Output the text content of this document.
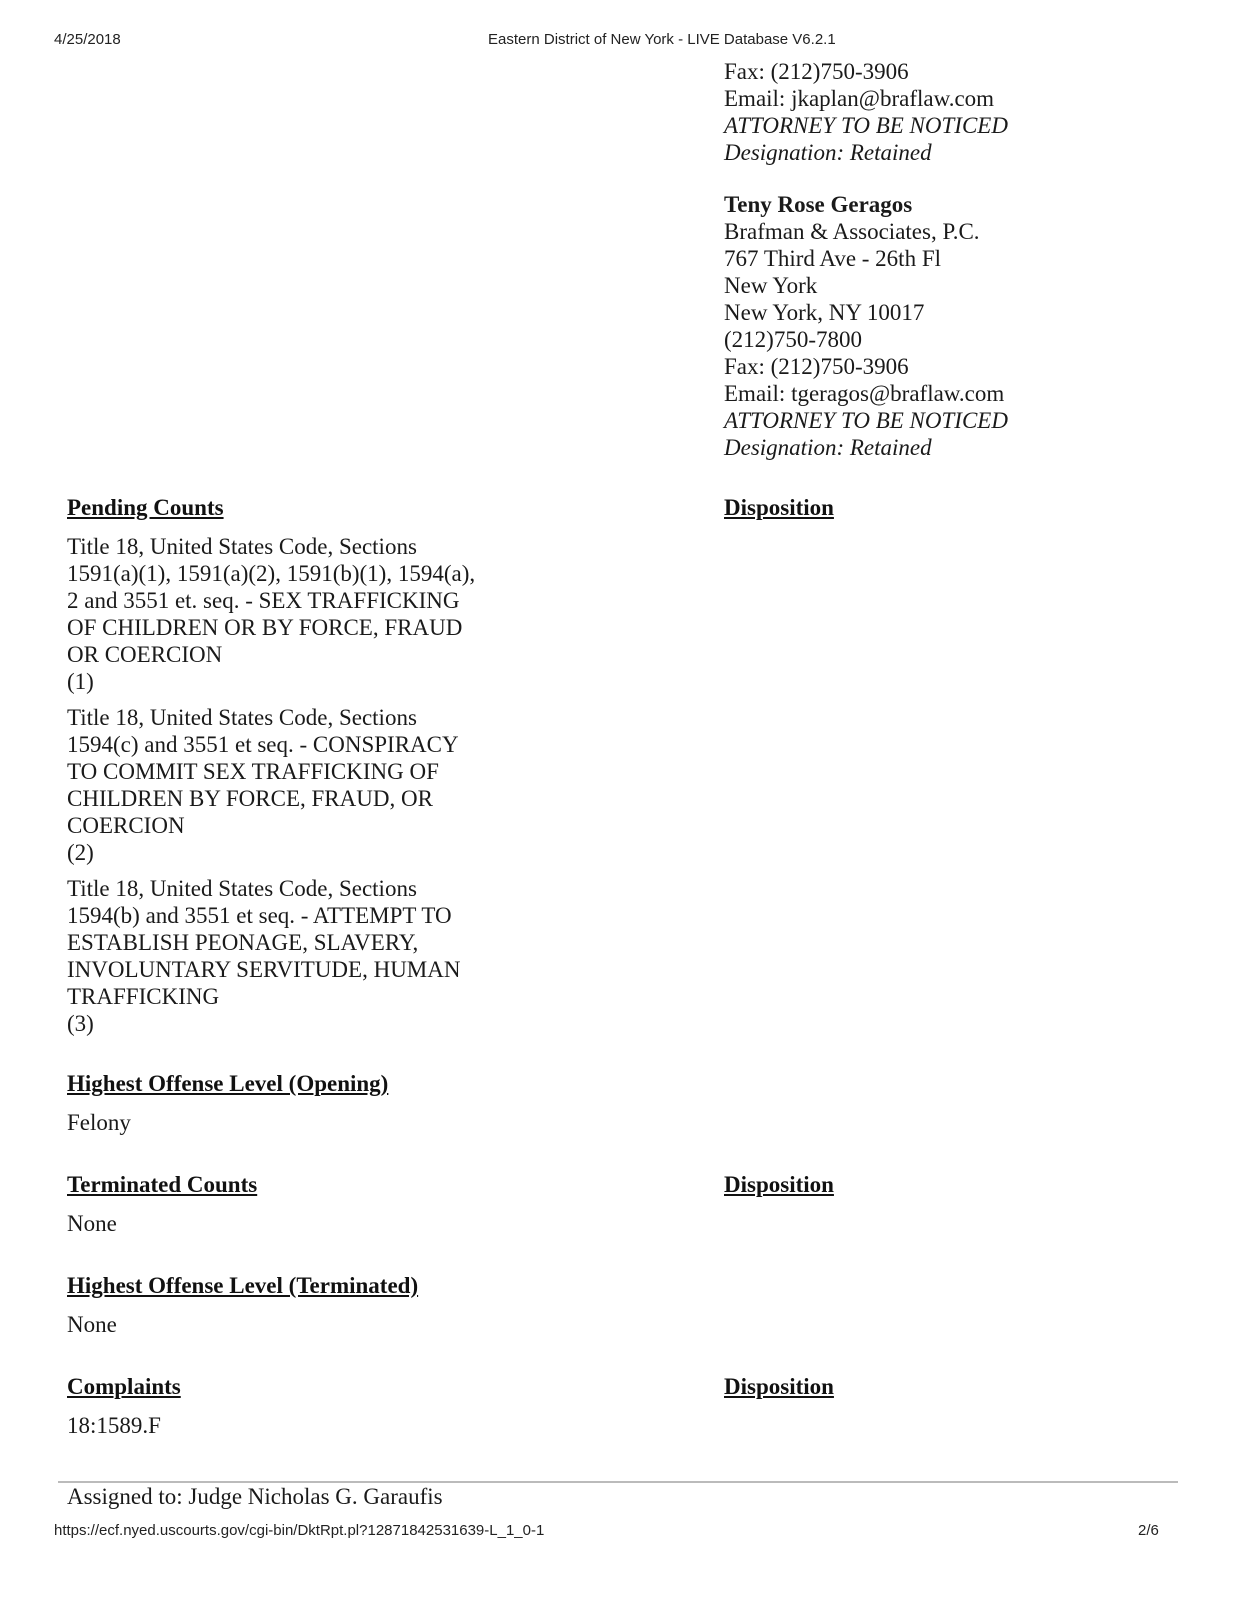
4/25/2018	Eastern District of New York - LIVE Database V6.2.1
Fax: (212)750-3906
Email: jkaplan@braflaw.com
ATTORNEY TO BE NOTICED
Designation: Retained
Teny Rose Geragos
Brafman & Associates, P.C.
767 Third Ave - 26th Fl
New York
New York, NY 10017
(212)750-7800
Fax: (212)750-3906
Email: tgeragos@braflaw.com
ATTORNEY TO BE NOTICED
Designation: Retained
Pending Counts	Disposition
Title 18, United States Code, Sections
1591(a)(1), 1591(a)(2), 1591(b)(1), 1594(a),
2 and 3551 et. seq. - SEX TRAFFICKING
OF CHILDREN OR BY FORCE, FRAUD
OR COERCION
(1)
Title 18, United States Code, Sections
1594(c) and 3551 et seq. - CONSPIRACY
TO COMMIT SEX TRAFFICKING OF
CHILDREN BY FORCE, FRAUD, OR
COERCION
(2)
Title 18, United States Code, Sections
1594(b) and 3551 et seq. - ATTEMPT TO
ESTABLISH PEONAGE, SLAVERY,
INVOLUNTARY SERVITUDE, HUMAN
TRAFFICKING
(3)
Highest Offense Level (Opening)
Felony
Terminated Counts	Disposition
None
Highest Offense Level (Terminated)
None
Complaints	Disposition
18:1589.F
Assigned to: Judge Nicholas G. Garaufis
https://ecf.nyed.uscourts.gov/cgi-bin/DktRpt.pl?12871842531639-L_1_0-1	2/6
